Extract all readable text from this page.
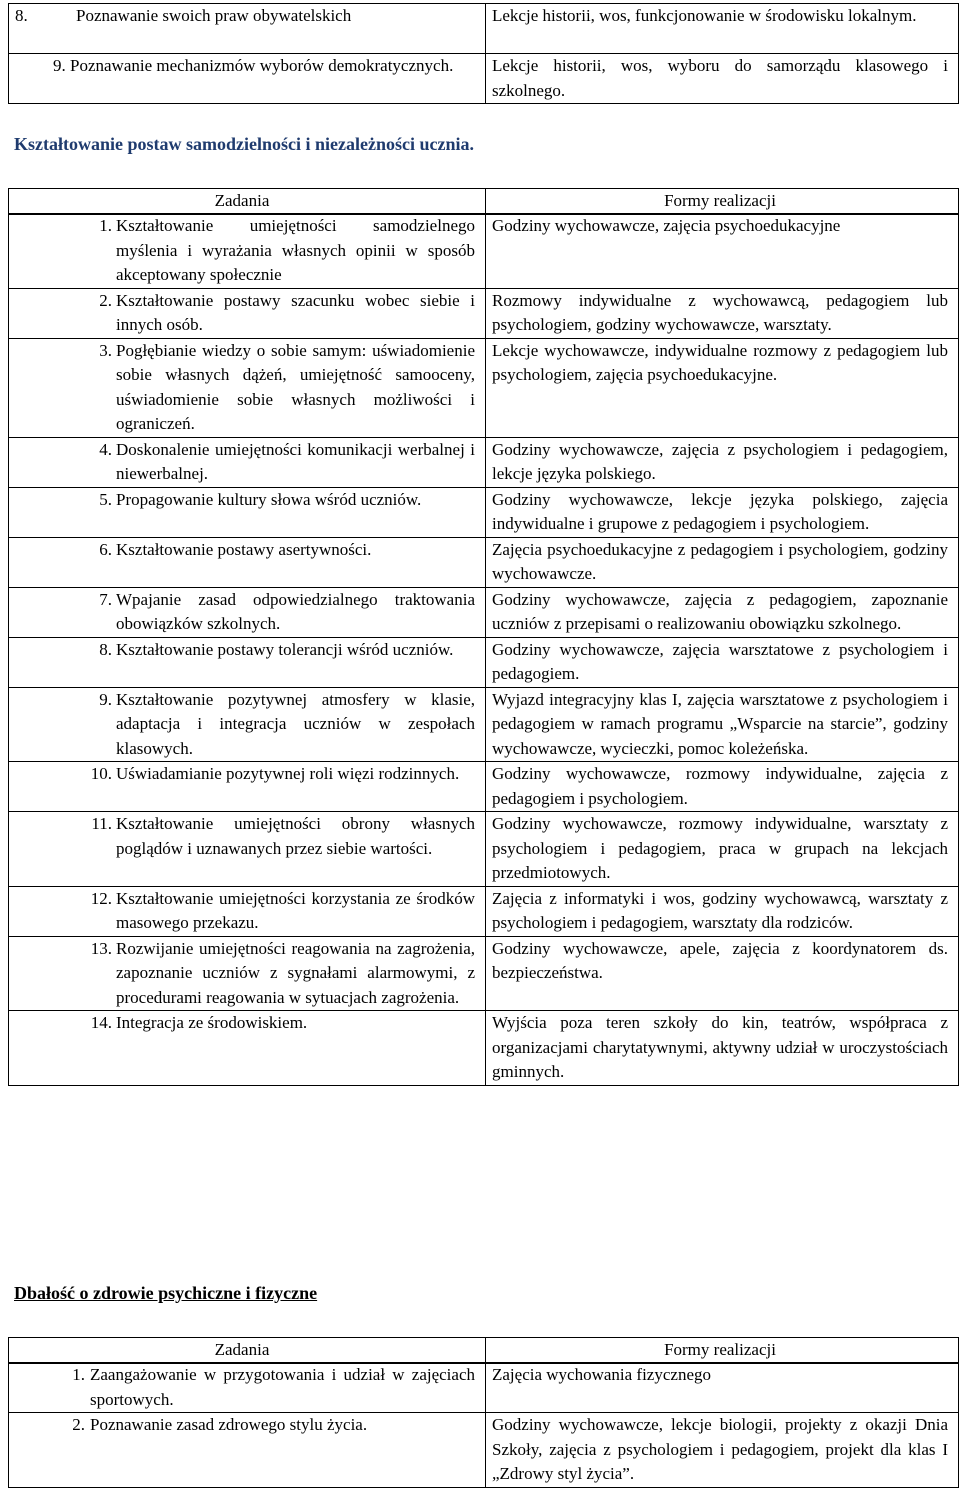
8. Poznawanie swoich praw obywatelskich	Lekcje historii, wos, funkcjonowanie w środowisku lokalnym.

9. Poznawanie mechanizmów wyborów demokratycznych.	Lekcje historii, wos, wyboru do samorządu klasowego i szkolnego.
Kształtowanie postaw samodzielności i niezależności ucznia.
Zadania	Formy realizacji
1. Kształtowanie umiejętności samodzielnego myślenia i wyrażania własnych opinii w sposób akceptowany społecznie	Godziny wychowawcze, zajęcia psychoedukacyjne

2. Kształtowanie postawy szacunku wobec siebie i innych osób.	Rozmowy indywidualne z wychowawcą, pedagogiem lub psychologiem, godziny wychowawcze, warsztaty.

3. Pogłębianie wiedzy o sobie samym: uświadomienie sobie własnych dążeń, umiejętność samooceny, uświadomienie sobie własnych możliwości i ograniczeń.	Lekcje wychowawcze, indywidualne rozmowy z pedagogiem lub psychologiem, zajęcia psychoedukacyjne.

4. Doskonalenie umiejętności komunikacji werbalnej i niewerbalnej.	Godziny wychowawcze, zajęcia z psychologiem i pedagogiem, lekcje języka polskiego.

5. Propagowanie kultury słowa wśród uczniów.	Godziny wychowawcze, lekcje języka polskiego, zajęcia indywidualne i grupowe z pedagogiem i psychologiem.

6. Kształtowanie postawy asertywności.	Zajęcia psychoedukacyjne z pedagogiem i psychologiem, godziny wychowawcze.

7. Wpajanie zasad odpowiedzialnego traktowania obowiązków szkolnych.	Godziny wychowawcze, zajęcia z pedagogiem, zapoznanie uczniów z przepisami o realizowaniu obowiązku szkolnego.

8. Kształtowanie postawy tolerancji wśród uczniów.	Godziny wychowawcze, zajęcia warsztatowe z psychologiem i pedagogiem.

9. Kształtowanie pozytywnej atmosfery w klasie, adaptacja i integracja uczniów w zespołach klasowych.	Wyjazd integracyjny klas I, zajęcia warsztatowe z psychologiem i pedagogiem w ramach programu „Wsparcie na starcie”, godziny wychowawcze, wycieczki, pomoc koleżeńska.

10. Uświadamianie pozytywnej roli więzi rodzinnych.	Godziny wychowawcze, rozmowy indywidualne, zajęcia z pedagogiem i psychologiem.

11. Kształtowanie umiejętności obrony własnych poglądów i uznawanych przez siebie wartości.	Godziny wychowawcze, rozmowy indywidualne, warsztaty z psychologiem i pedagogiem, praca w grupach na lekcjach przedmiotowych.

12. Kształtowanie umiejętności korzystania ze środków masowego przekazu.	Zajęcia z informatyki i wos, godziny wychowawcą, warsztaty z psychologiem i pedagogiem, warsztaty dla rodziców.

13. Rozwijanie umiejętności reagowania na zagrożenia, zapoznanie uczniów z sygnałami alarmowymi, z procedurami reagowania w sytuacjach zagrożenia.	Godziny wychowawcze, apele, zajęcia z koordynatorem ds. bezpieczeństwa.

14. Integracja ze środowiskiem.	Wyjścia poza teren szkoły do kin, teatrów, współpraca z organizacjami charytatywnymi, aktywny udział w uroczystościach gminnych.
Dbałość o zdrowie psychiczne i fizyczne
Zadania	Formy realizacji
1. Zaangażowanie w przygotowania i udział w zajęciach sportowych.	Zajęcia wychowania fizycznego

2. Poznawanie zasad zdrowego stylu życia.	Godziny wychowawcze, lekcje biologii, projekty z okazji Dnia Szkoły, zajęcia z psychologiem i pedagogiem, projekt dla klas I „Zdrowy styl życia”.
